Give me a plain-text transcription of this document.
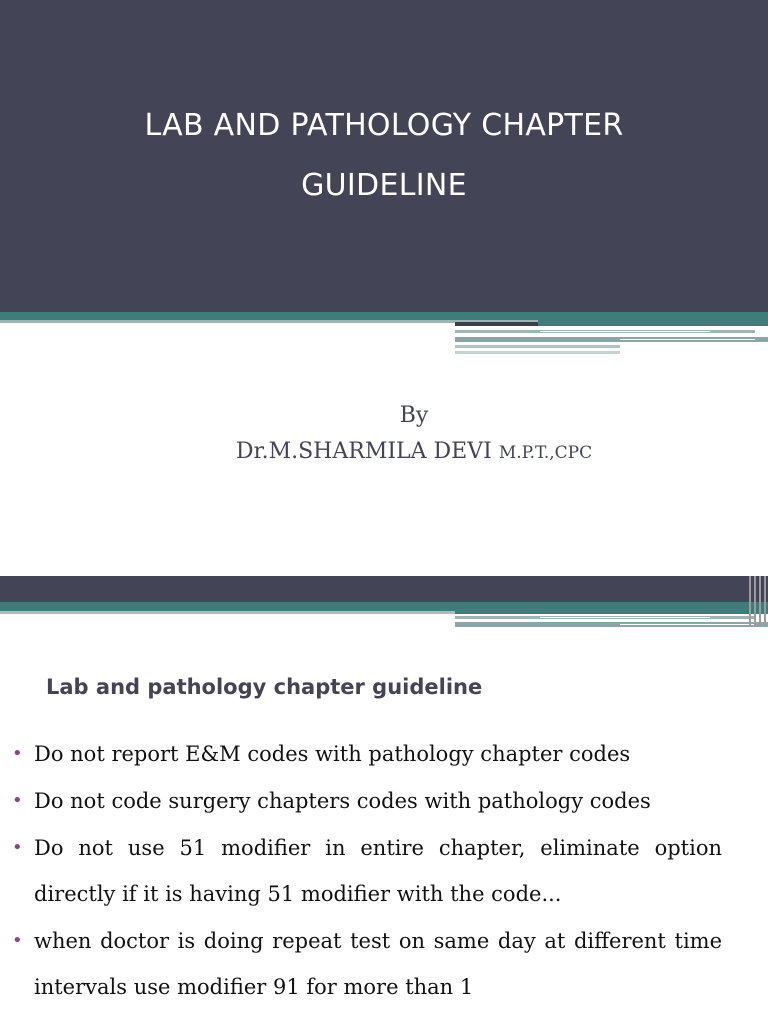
LAB AND PATHOLOGY CHAPTER
GUIDELINE
By
Dr.M.SHARMILA DEVI M.P.T.,CPC
Lab and pathology chapter guideline
• Do not report E&M codes with pathology chapter codes
• Do not code surgery chapters codes with pathology codes
• Do not use 51 modifier in entire chapter, eliminate option directly if it is having 51 modifier with the code...
• when doctor is doing repeat test on same day at different time intervals use modifier 91 for more than 1
